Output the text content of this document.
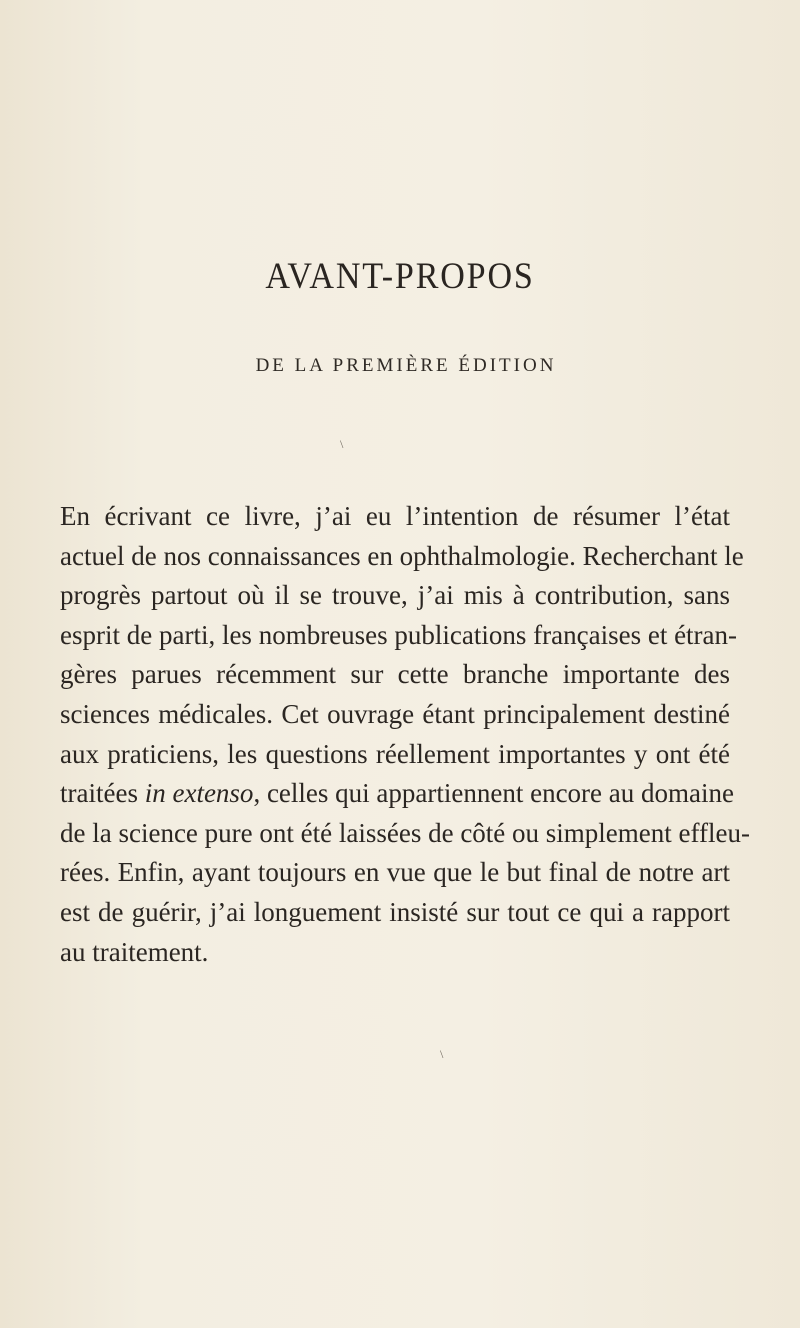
AVANT-PROPOS
DE LA PREMIÈRE ÉDITION
\
\
En écrivant ce livre, j’ai eu l’intention de résumer l’état
actuel de nos connaissances en ophthalmologie. Recherchant le
progrès partout où il se trouve, j’ai mis à contribution, sans
esprit de parti, les nombreuses publications françaises et étran-
gères parues récemment sur cette branche importante des
sciences médicales. Cet ouvrage étant principalement destiné
aux praticiens, les questions réellement importantes y ont été
traitées in extenso, celles qui appartiennent encore au domaine
de la science pure ont été laissées de côté ou simplement effleu-
rées. Enfin, ayant toujours en vue que le but final de notre art
est de guérir, j’ai longuement insisté sur tout ce qui a rapport
au traitement.
